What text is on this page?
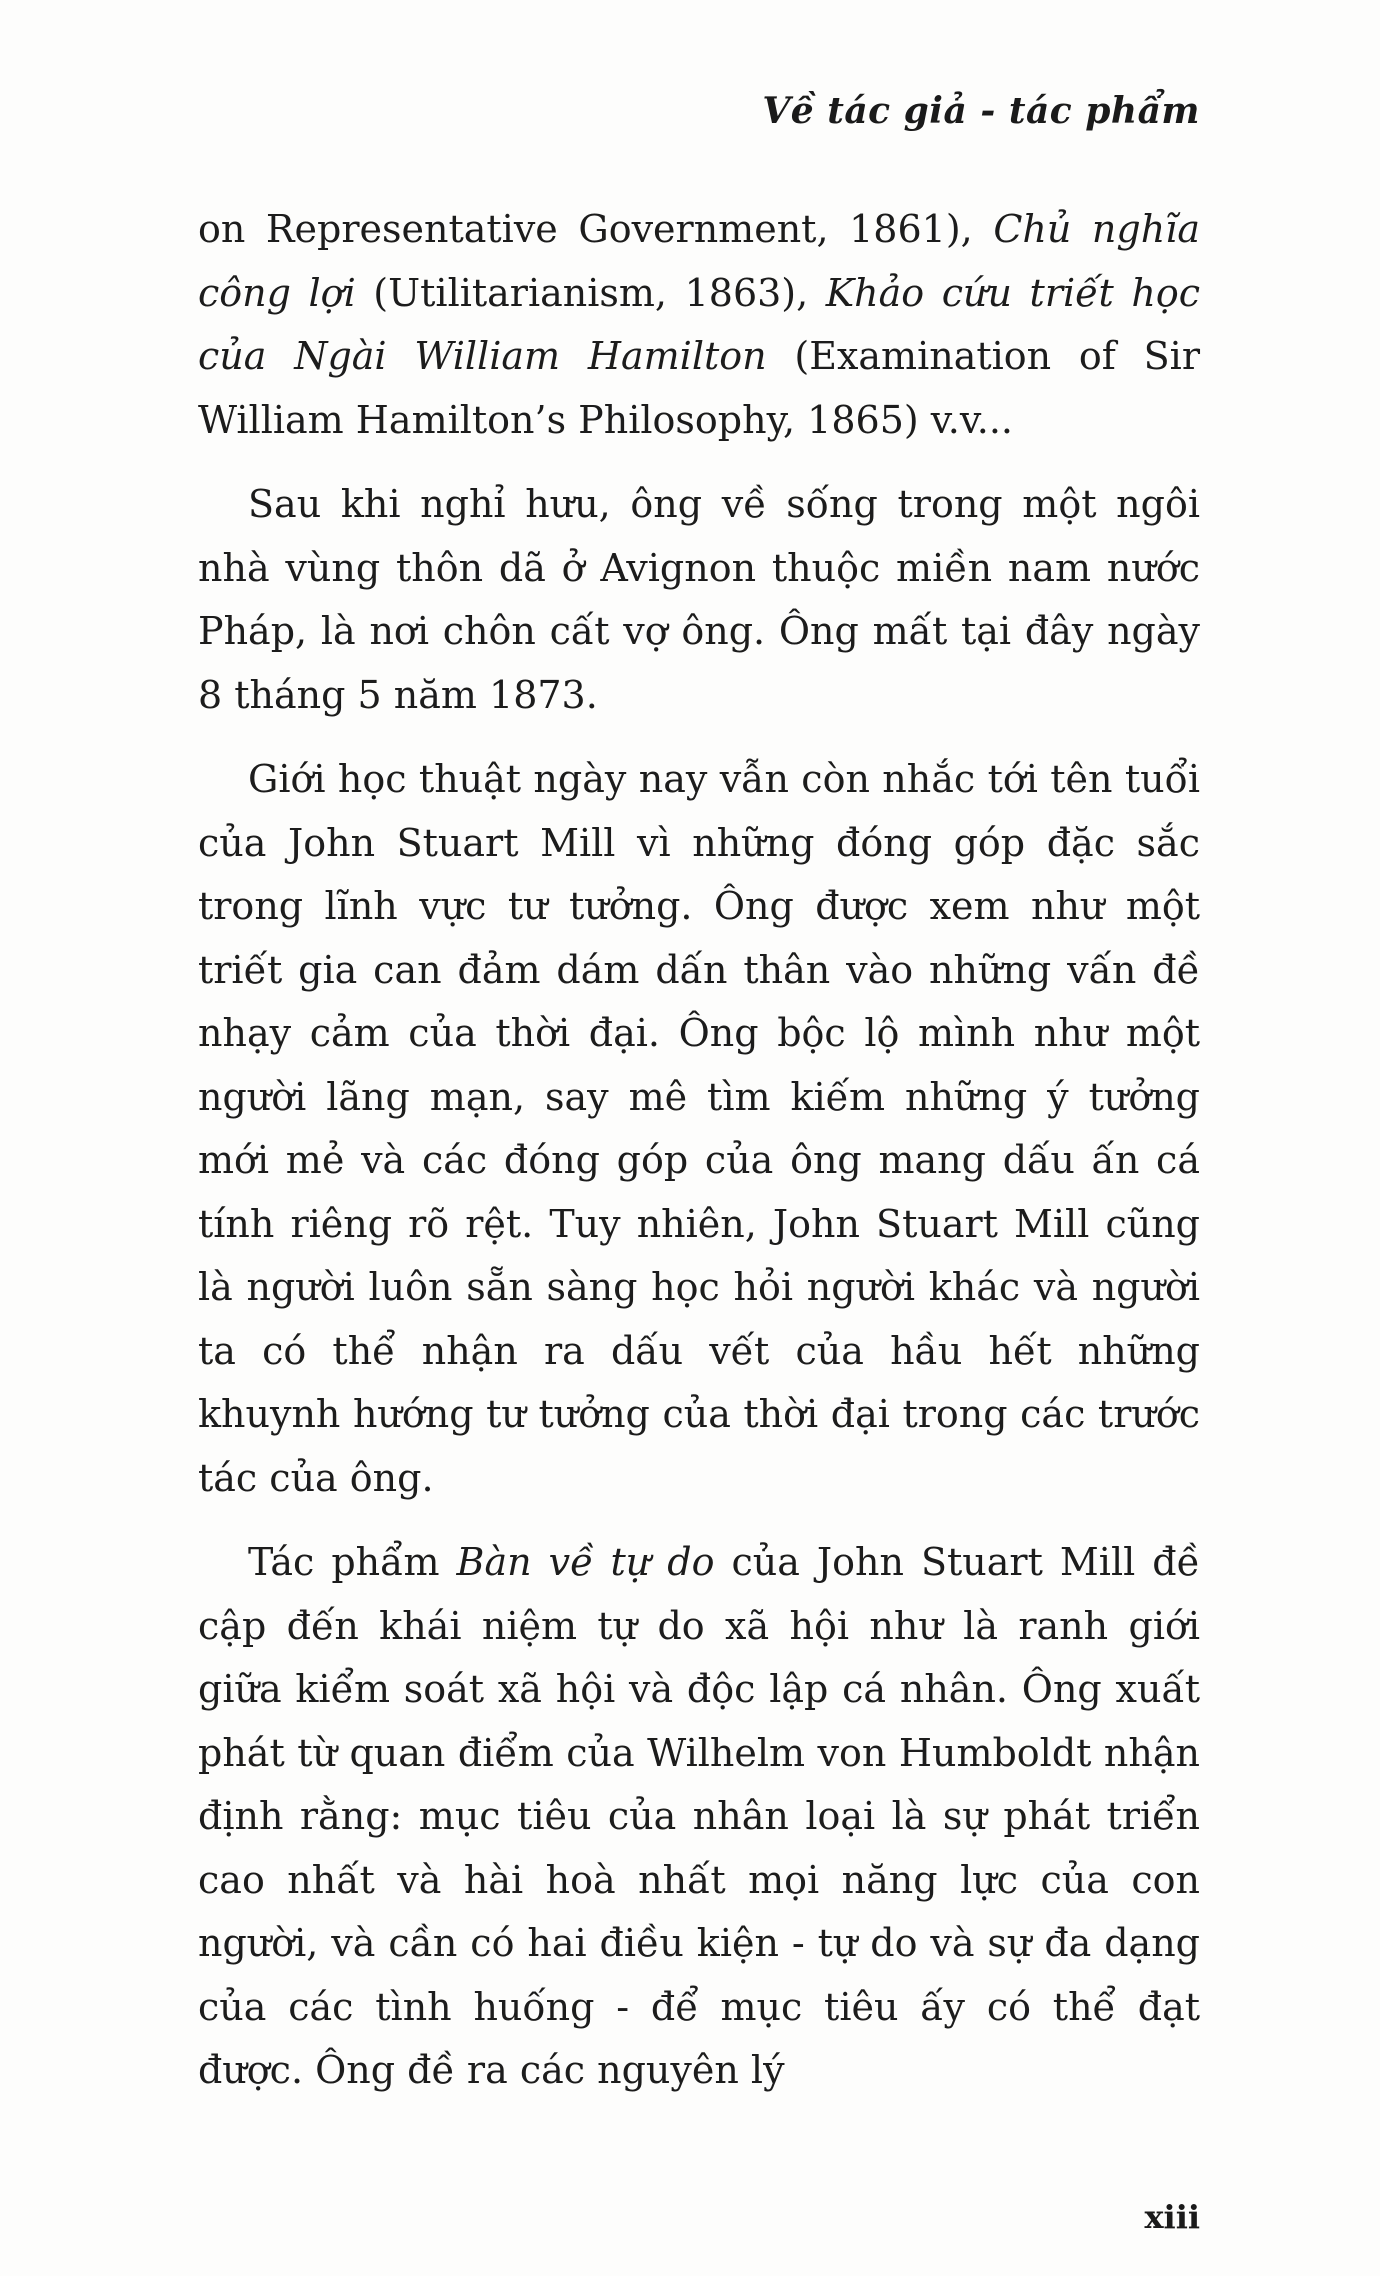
Về tác giả - tác phẩm

on Representative Government, 1861), Chủ nghĩa công lợi (Utilitarianism, 1863), Khảo cứu triết học của Ngài William Hamilton (Examination of Sir William Hamilton’s Philosophy, 1865) v.v...

Sau khi nghỉ hưu, ông về sống trong một ngôi nhà vùng thôn dã ở Avignon thuộc miền nam nước Pháp, là nơi chôn cất vợ ông. Ông mất tại đây ngày 8 tháng 5 năm 1873.

Giới học thuật ngày nay vẫn còn nhắc tới tên tuổi của John Stuart Mill vì những đóng góp đặc sắc trong lĩnh vực tư tưởng. Ông được xem như một triết gia can đảm dám dấn thân vào những vấn đề nhạy cảm của thời đại. Ông bộc lộ mình như một người lãng mạn, say mê tìm kiếm những ý tưởng mới mẻ và các đóng góp của ông mang dấu ấn cá tính riêng rõ rệt. Tuy nhiên, John Stuart Mill cũng là người luôn sẵn sàng học hỏi người khác và người ta có thể nhận ra dấu vết của hầu hết những khuynh hướng tư tưởng của thời đại trong các trước tác của ông.

Tác phẩm Bàn về tự do của John Stuart Mill đề cập đến khái niệm tự do xã hội như là ranh giới giữa kiểm soát xã hội và độc lập cá nhân. Ông xuất phát từ quan điểm của Wilhelm von Humboldt nhận định rằng: mục tiêu của nhân loại là sự phát triển cao nhất và hài hoà nhất mọi năng lực của con người, và cần có hai điều kiện - tự do và sự đa dạng của các tình huống - để mục tiêu ấy có thể đạt được. Ông đề ra các nguyên lý

xiii
